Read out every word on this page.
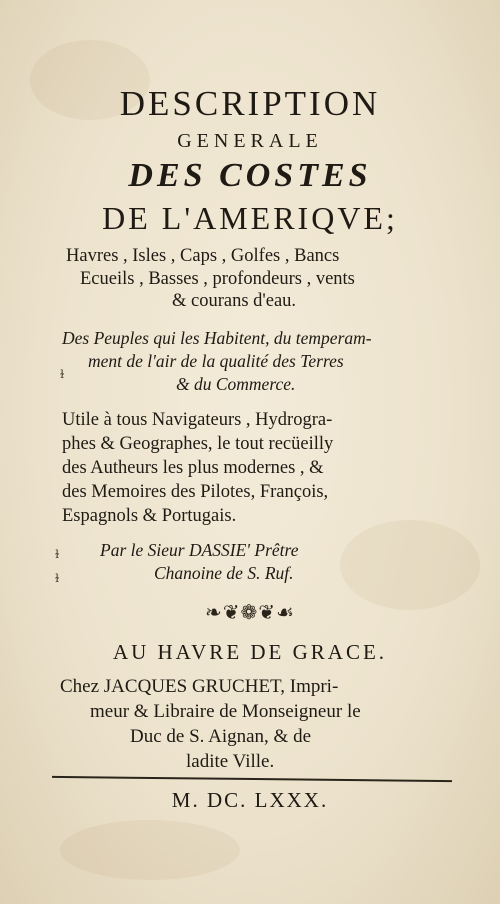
DESCRIPTION
GENERALE
DES COSTES
DE L'AMERIQVE;
Havres , Isles , Caps , Golfes , Bancs
Ecueils , Basses , profondeurs , vents
& courans d'eau.
Des Peuples qui les Habitent, du temperam-
ment de l'air de la qualité des Terres
& du Commerce.
Utile à tous Navigateurs , Hydrogra-
phes & Geographes, le tout recüeilly
des Autheurs les plus modernes , &
des Memoires des Pilotes, François,
Espagnols & Portugais.
Par le Sieur DASSIE' Prêtre
Chanoine de S. Ruf.
❧❦❁❦☙
AU HAVRE DE GRACE.
Chez JACQUES GRUCHET, Impri-
meur & Libraire de Monseigneur le
Duc de S. Aignan, & de
ladite Ville.
M. DC. LXXX.
ɫ
ɫ
ɫ
